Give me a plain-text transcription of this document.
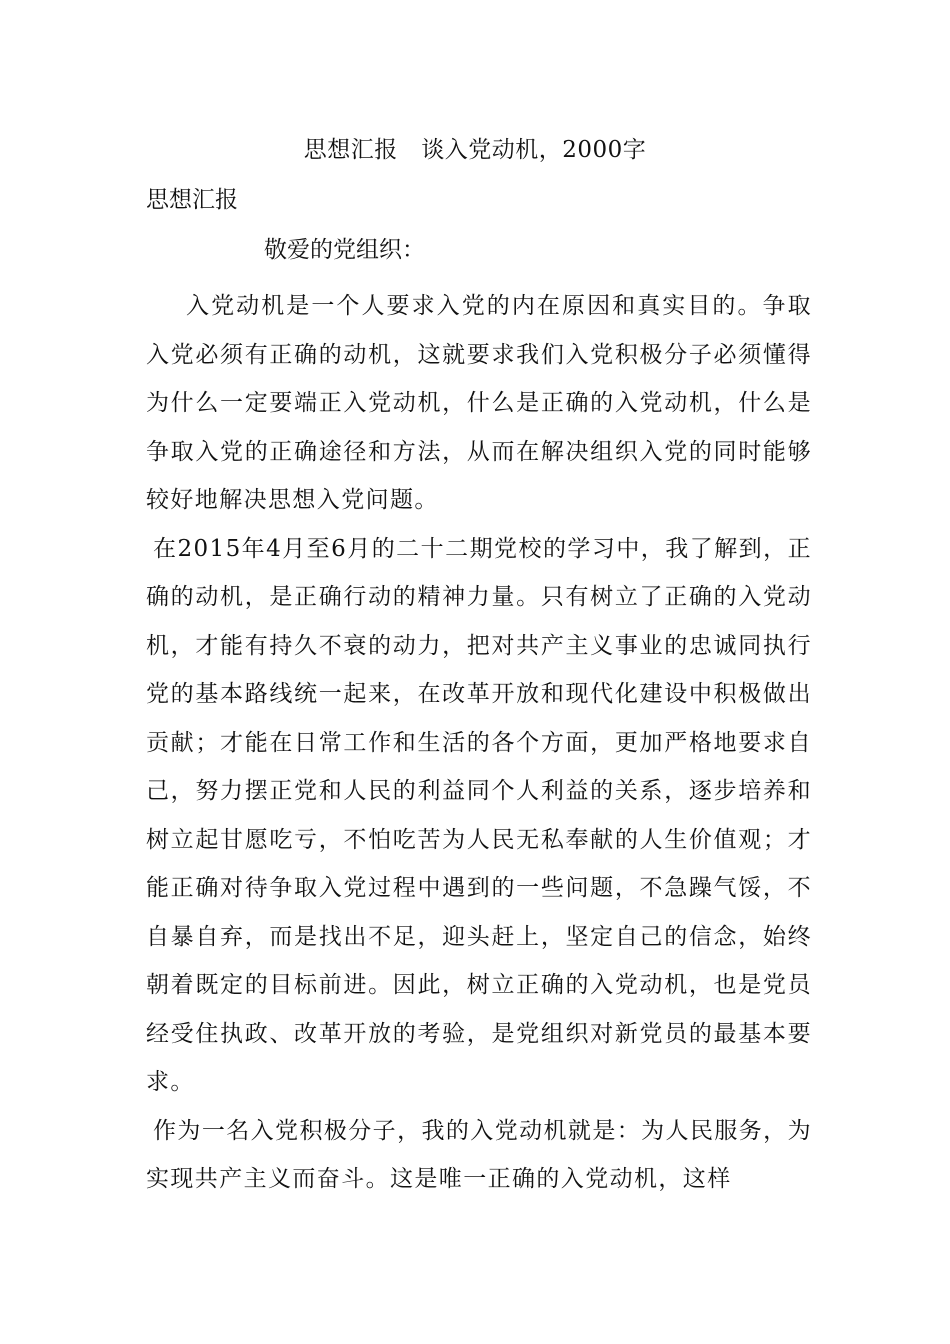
思想汇报　谈入党动机，2000字
思想汇报
敬爱的党组织：

入党动机是一个人要求入党的内在原因和真实目的。争取入党必须有正确的动机，这就要求我们入党积极分子必须懂得为什么一定要端正入党动机，什么是正确的入党动机，什么是争取入党的正确途径和方法，从而在解决组织入党的同时能够较好地解决思想入党问题。

在2015年4月至6月的二十二期党校的学习中，我了解到，正确的动机，是正确行动的精神力量。只有树立了正确的入党动机，才能有持久不衰的动力，把对共产主义事业的忠诚同执行党的基本路线统一起来，在改革开放和现代化建设中积极做出贡献；才能在日常工作和生活的各个方面，更加严格地要求自己，努力摆正党和人民的利益同个人利益的关系，逐步培养和树立起甘愿吃亏，不怕吃苦为人民无私奉献的人生价值观；才能正确对待争取入党过程中遇到的一些问题，不急躁气馁，不自暴自弃，而是找出不足，迎头赶上，坚定自己的信念，始终朝着既定的目标前进。因此，树立正确的入党动机，也是党员经受住执政、改革开放的考验，是党组织对新党员的最基本要求。

作为一名入党积极分子，我的入党动机就是：为人民服务，为实现共产主义而奋斗。这是唯一正确的入党动机，这样
